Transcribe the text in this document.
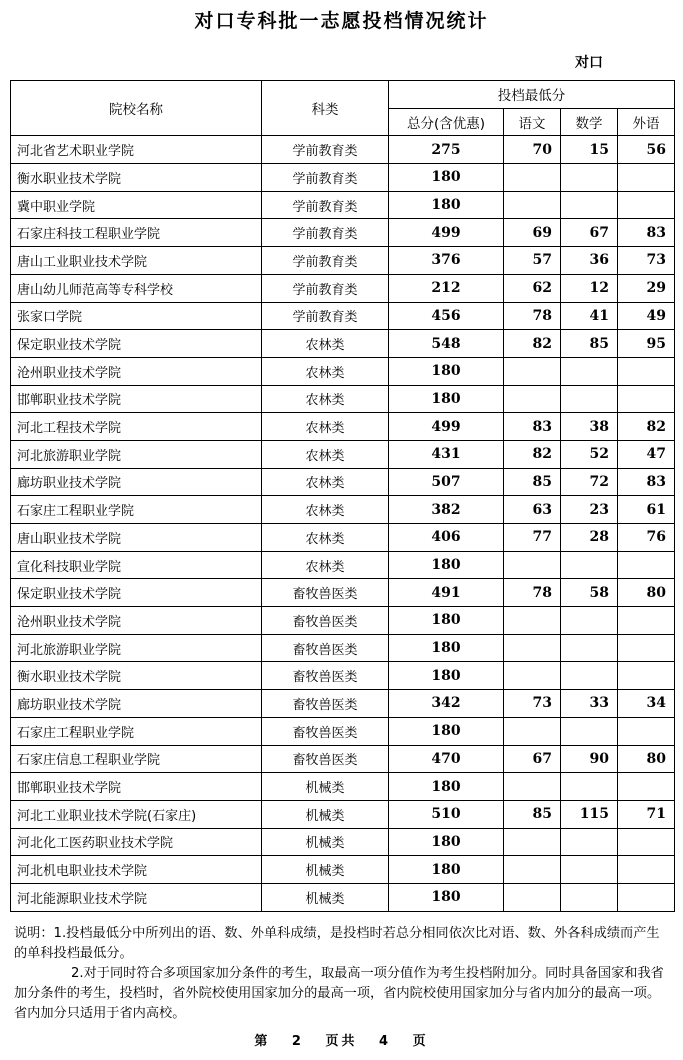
对口专科批一志愿投档情况统计
对口
院校名称	科类	投档最低分			
		总分(含优惠)	语文	数学	外语
河北省艺术职业学院	学前教育类	275	70	15	56
衡水职业技术学院	学前教育类	180			
冀中职业学院	学前教育类	180			
石家庄科技工程职业学院	学前教育类	499	69	67	83
唐山工业职业技术学院	学前教育类	376	57	36	73
唐山幼儿师范高等专科学校	学前教育类	212	62	12	29
张家口学院	学前教育类	456	78	41	49
保定职业技术学院	农林类	548	82	85	95
沧州职业技术学院	农林类	180			
邯郸职业技术学院	农林类	180			
河北工程技术学院	农林类	499	83	38	82
河北旅游职业学院	农林类	431	82	52	47
廊坊职业技术学院	农林类	507	85	72	83
石家庄工程职业学院	农林类	382	63	23	61
唐山职业技术学院	农林类	406	77	28	76
宣化科技职业学院	农林类	180			
保定职业技术学院	畜牧兽医类	491	78	58	80
沧州职业技术学院	畜牧兽医类	180			
河北旅游职业学院	畜牧兽医类	180			
衡水职业技术学院	畜牧兽医类	180			
廊坊职业技术学院	畜牧兽医类	342	73	33	34
石家庄工程职业学院	畜牧兽医类	180			
石家庄信息工程职业学院	畜牧兽医类	470	67	90	80
邯郸职业技术学院	机械类	180			
河北工业职业技术学院(石家庄)	机械类	510	85	115	71
河北化工医药职业技术学院	机械类	180			
河北机电职业技术学院	机械类	180			
河北能源职业技术学院	机械类	180			

说明：1.投档最低分中所列出的语、数、外单科成绩，是投档时若总分相同依次比对语、数、外各科成绩而产生的单科投档最低分。

2.对于同时符合多项国家加分条件的考生，取最高一项分值作为考生投档附加分。同时具备国家和我省加分条件的考生，投档时，省外院校使用国家加分的最高一项，省内院校使用国家加分与省内加分的最高一项。省内加分只适用于省内高校。

第 2 页共 4 页
